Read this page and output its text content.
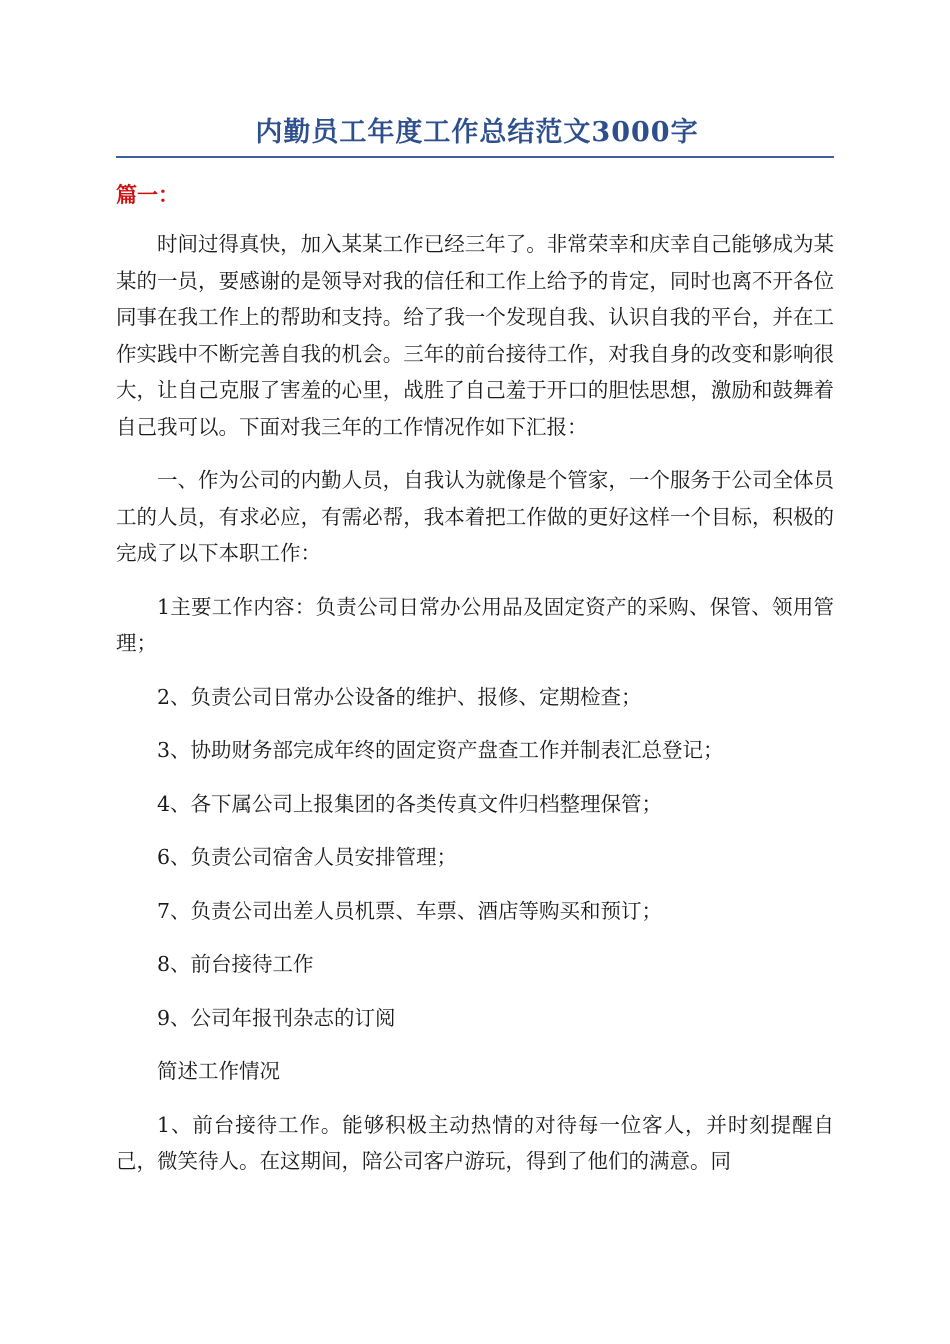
内勤员工年度工作总结范文3000字
篇一：

时间过得真快，加入某某工作已经三年了。非常荣幸和庆幸自己能够成为某某的一员，要感谢的是领导对我的信任和工作上给予的肯定，同时也离不开各位同事在我工作上的帮助和支持。给了我一个发现自我、认识自我的平台，并在工作实践中不断完善自我的机会。三年的前台接待工作，对我自身的改变和影响很大，让自己克服了害羞的心里，战胜了自己羞于开口的胆怯思想，激励和鼓舞着自己我可以。下面对我三年的工作情况作如下汇报：

一、作为公司的内勤人员，自我认为就像是个管家，一个服务于公司全体员工的人员，有求必应，有需必帮，我本着把工作做的更好这样一个目标，积极的完成了以下本职工作：

1主要工作内容：负责公司日常办公用品及固定资产的采购、保管、领用管理；

2、负责公司日常办公设备的维护、报修、定期检查；

3、协助财务部完成年终的固定资产盘查工作并制表汇总登记；

4、各下属公司上报集团的各类传真文件归档整理保管；

6、负责公司宿舍人员安排管理；

7、负责公司出差人员机票、车票、酒店等购买和预订；

8、前台接待工作

9、公司年报刊杂志的订阅

简述工作情况

1、前台接待工作。能够积极主动热情的对待每一位客人，并时刻提醒自己，微笑待人。在这期间，陪公司客户游玩，得到了他们的满意。同
